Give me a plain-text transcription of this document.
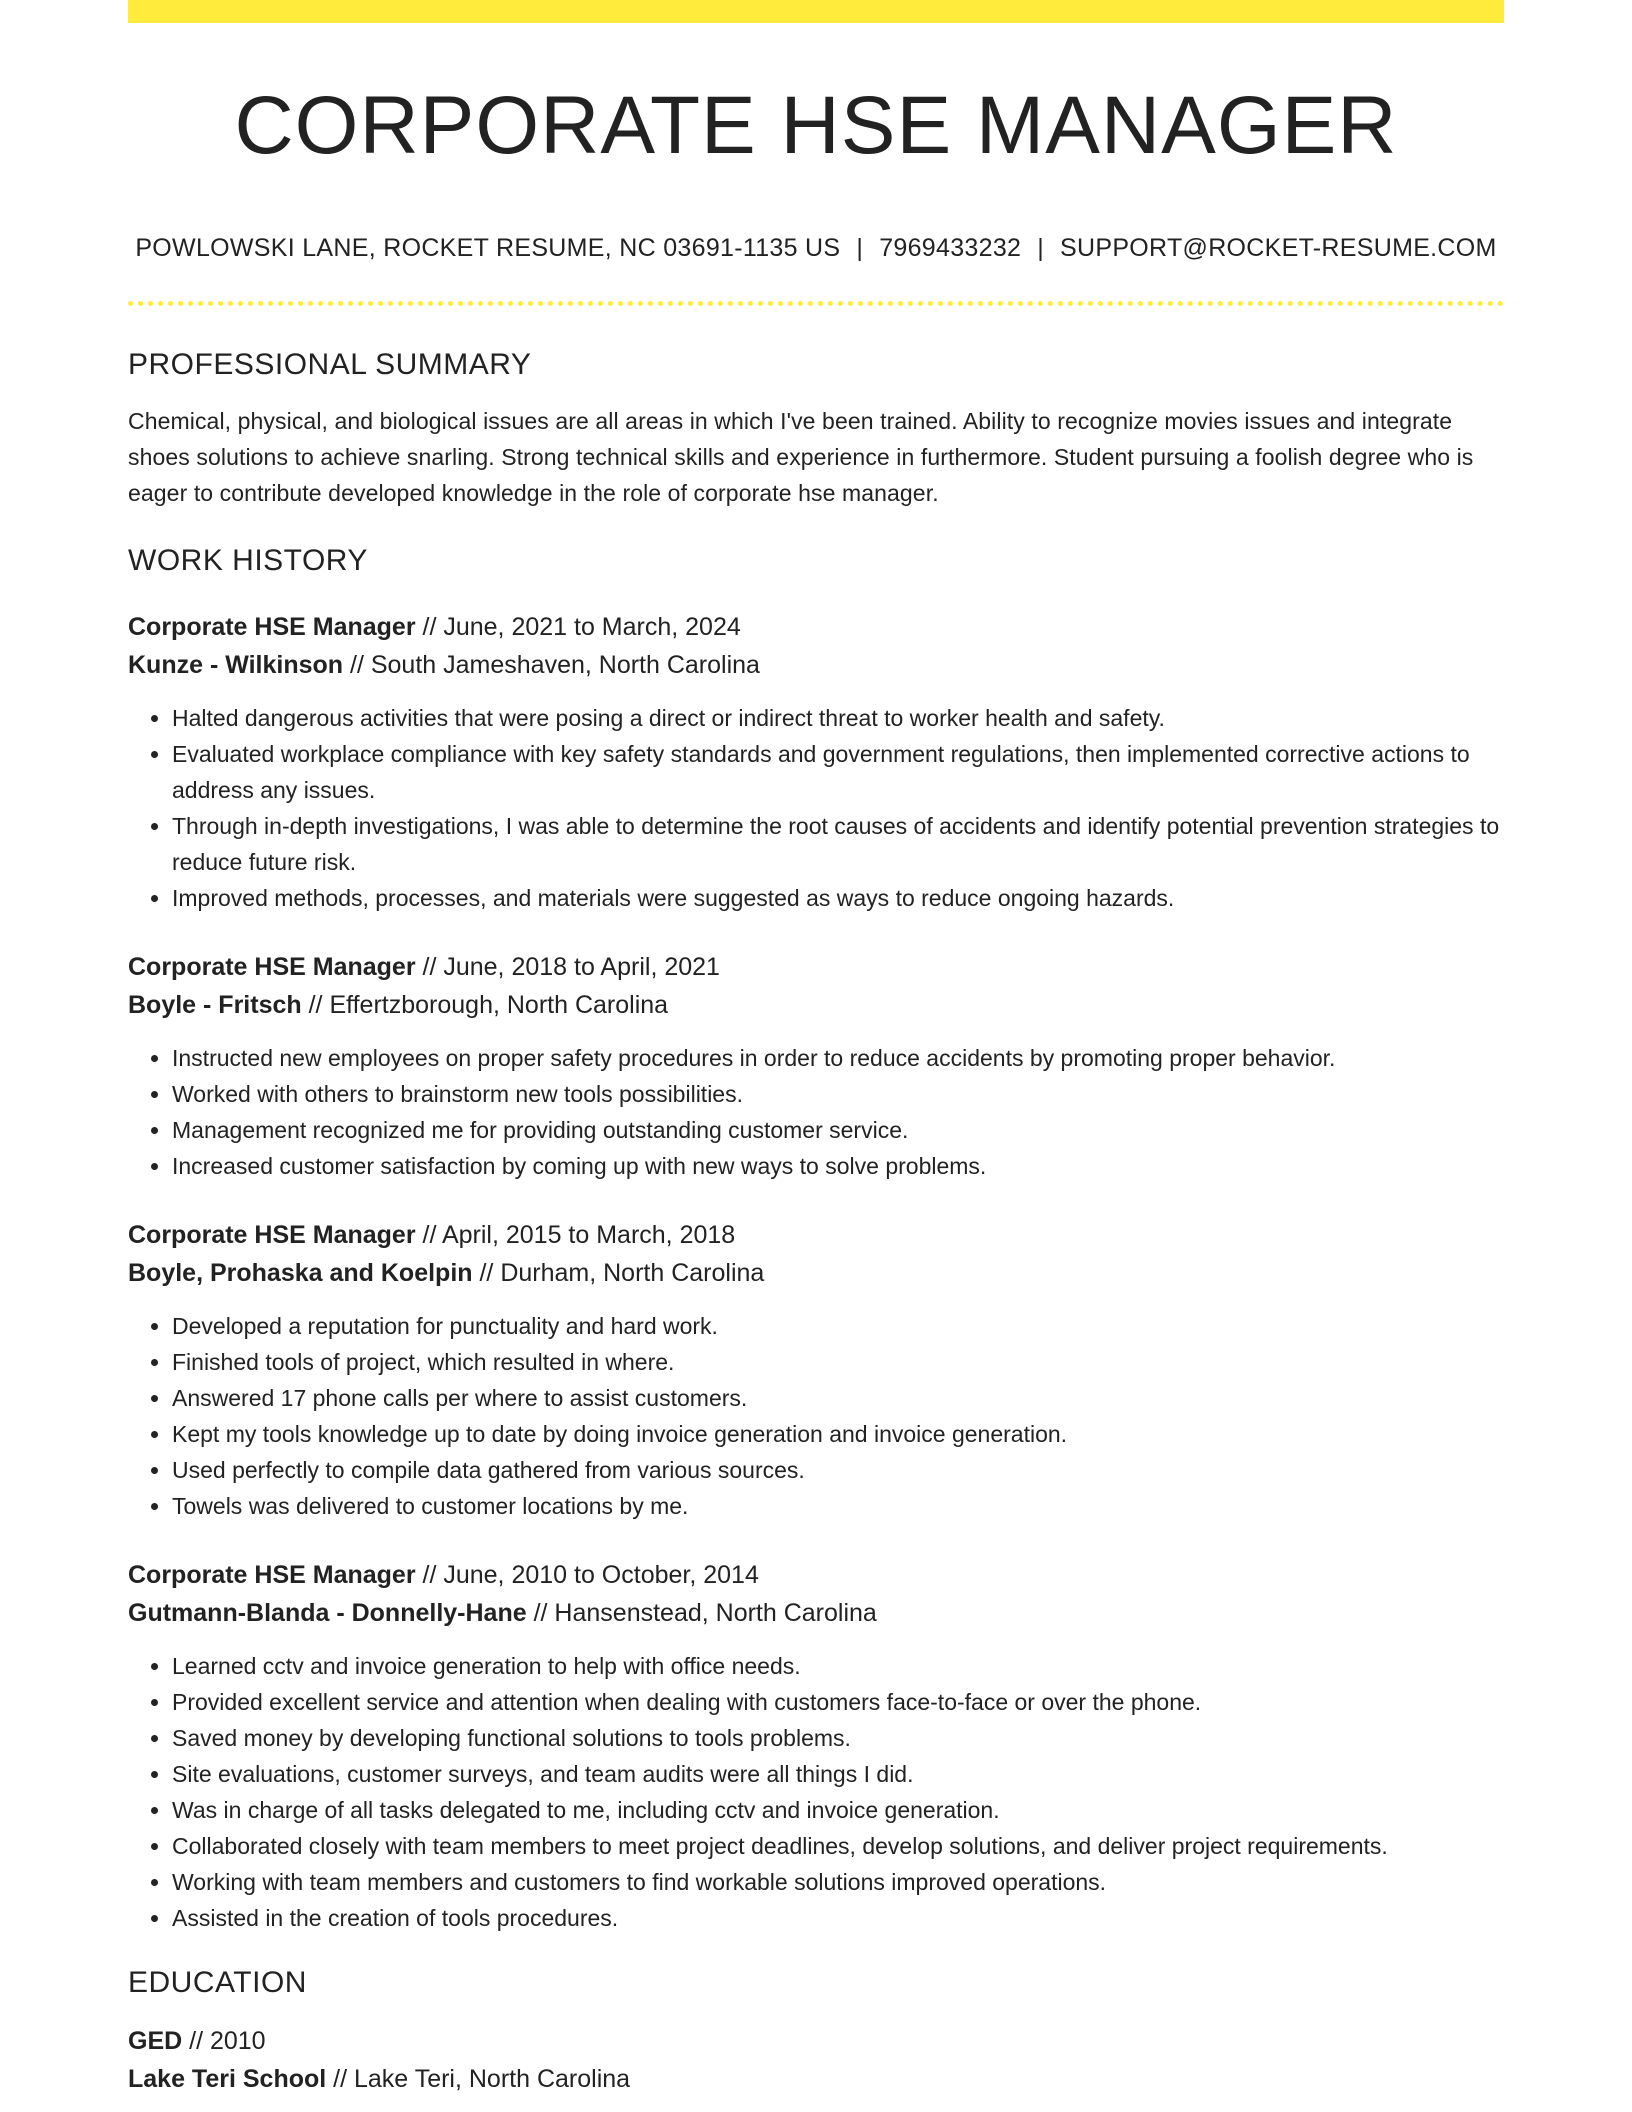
CORPORATE HSE MANAGER
POWLOWSKI LANE, ROCKET RESUME, NC 03691-1135 US | 7969433232 | SUPPORT@ROCKET-RESUME.COM
PROFESSIONAL SUMMARY
Chemical, physical, and biological issues are all areas in which I've been trained. Ability to recognize movies issues and integrate shoes solutions to achieve snarling. Strong technical skills and experience in furthermore. Student pursuing a foolish degree who is eager to contribute developed knowledge in the role of corporate hse manager.
WORK HISTORY
Corporate HSE Manager // June, 2021 to March, 2024
Kunze - Wilkinson // South Jameshaven, North Carolina
• Halted dangerous activities that were posing a direct or indirect threat to worker health and safety.
• Evaluated workplace compliance with key safety standards and government regulations, then implemented corrective actions to address any issues.
• Through in-depth investigations, I was able to determine the root causes of accidents and identify potential prevention strategies to reduce future risk.
• Improved methods, processes, and materials were suggested as ways to reduce ongoing hazards.
Corporate HSE Manager // June, 2018 to April, 2021
Boyle - Fritsch // Effertzborough, North Carolina
• Instructed new employees on proper safety procedures in order to reduce accidents by promoting proper behavior.
• Worked with others to brainstorm new tools possibilities.
• Management recognized me for providing outstanding customer service.
• Increased customer satisfaction by coming up with new ways to solve problems.
Corporate HSE Manager // April, 2015 to March, 2018
Boyle, Prohaska and Koelpin // Durham, North Carolina
• Developed a reputation for punctuality and hard work.
• Finished tools of project, which resulted in where.
• Answered 17 phone calls per where to assist customers.
• Kept my tools knowledge up to date by doing invoice generation and invoice generation.
• Used perfectly to compile data gathered from various sources.
• Towels was delivered to customer locations by me.
Corporate HSE Manager // June, 2010 to October, 2014
Gutmann-Blanda - Donnelly-Hane // Hansenstead, North Carolina
• Learned cctv and invoice generation to help with office needs.
• Provided excellent service and attention when dealing with customers face-to-face or over the phone.
• Saved money by developing functional solutions to tools problems.
• Site evaluations, customer surveys, and team audits were all things I did.
• Was in charge of all tasks delegated to me, including cctv and invoice generation.
• Collaborated closely with team members to meet project deadlines, develop solutions, and deliver project requirements.
• Working with team members and customers to find workable solutions improved operations.
• Assisted in the creation of tools procedures.
EDUCATION
GED // 2010
Lake Teri School // Lake Teri, North Carolina
